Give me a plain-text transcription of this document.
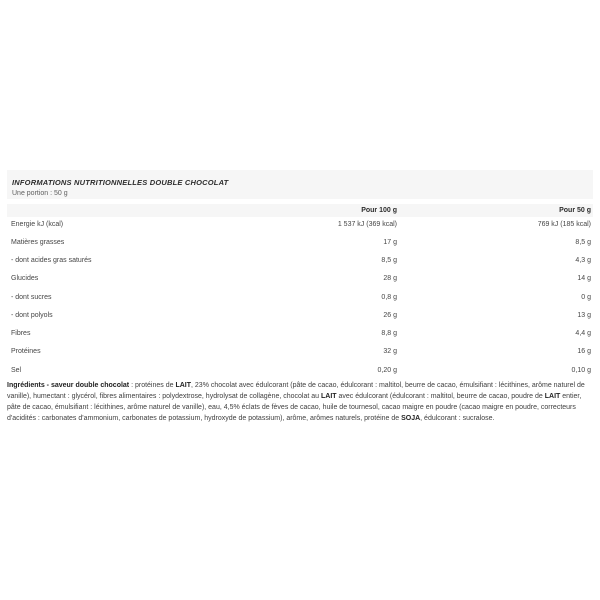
INFORMATIONS NUTRITIONNELLES DOUBLE CHOCOLAT

Une portion : 50 g

Pour 100 g	Pour 50 g
Energie kJ (kcal)	1 537 kJ (369 kcal)	769 kJ (185 kcal)
Matières grasses	17 g	8,5 g
- dont acides gras saturés	8,5 g	4,3 g
Glucides	28 g	14 g
- dont sucres	0,8 g	0 g
- dont polyols	26 g	13 g
Fibres	8,8 g	4,4 g
Protéines	32 g	16 g
Sel	0,20 g	0,10 g

Ingrédients - saveur double chocolat : protéines de LAIT, 23% chocolat avec édulcorant (pâte de cacao, édulcorant : maltitol, beurre de cacao, émulsifiant : lécithines, arôme naturel de vanille), humectant : glycérol, fibres alimentaires : polydextrose, hydrolysat de collagène, chocolat au LAIT avec édulcorant (édulcorant : maltitol, beurre de cacao, poudre de LAIT entier, pâte de cacao, émulsifiant : lécithines, arôme naturel de vanille), eau, 4,5% éclats de fèves de cacao, huile de tournesol, cacao maigre en poudre (cacao maigre en poudre, correcteurs d'acidités : carbonates d'ammonium, carbonates de potassium, hydroxyde de potassium), arôme, arômes naturels, protéine de SOJA, édulcorant : sucralose.
